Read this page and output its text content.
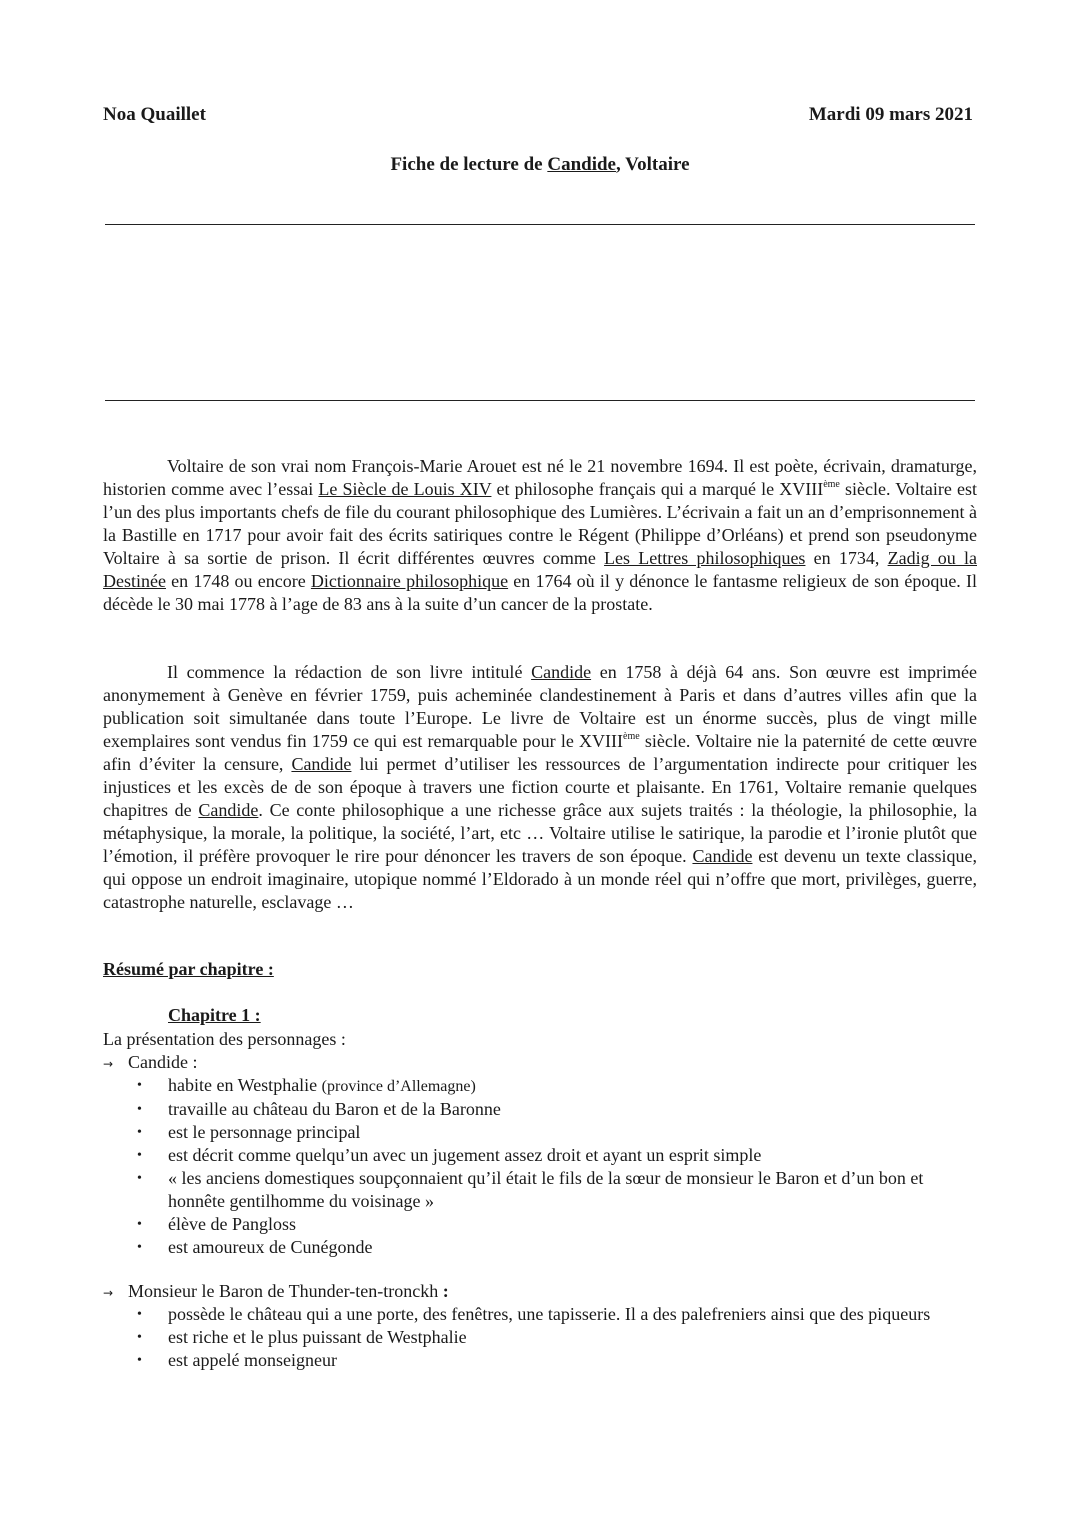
Noa Quaillet	Mardi 09 mars 2021
Fiche de lecture de Candide, Voltaire

Voltaire de son vrai nom François-Marie Arouet est né le 21 novembre 1694. Il est poète, écrivain, dramaturge, historien comme avec l’essai Le Siècle de Louis XIV et philosophe français qui a marqué le XVIIIème siècle. Voltaire est l’un des plus importants chefs de file du courant philosophique des Lumières. L’écrivain a fait un an d’emprisonnement à la Bastille en 1717 pour avoir fait des écrits satiriques contre le Régent (Philippe d’Orléans) et prend son pseudonyme Voltaire à sa sortie de prison. Il écrit différentes œuvres comme Les Lettres philosophiques en 1734, Zadig ou la Destinée en 1748 ou encore Dictionnaire philosophique en 1764 où il y dénonce le fantasme religieux de son époque. Il décède le 30 mai 1778 à l’age de 83 ans à la suite d’un cancer de la prostate.

Il commence la rédaction de son livre intitulé Candide en 1758 à déjà 64 ans. Son œuvre est imprimée anonymement à Genève en février 1759, puis acheminée clandestinement à Paris et dans d’autres villes afin que la publication soit simultanée dans toute l’Europe. Le livre de Voltaire est un énorme succès, plus de vingt mille exemplaires sont vendus fin 1759 ce qui est remarquable pour le XVIIIème siècle. Voltaire nie la paternité de cette œuvre afin d’éviter la censure, Candide lui permet d’utiliser les ressources de l’argumentation indirecte pour critiquer les injustices et les excès de de son époque à travers une fiction courte et plaisante. En 1761, Voltaire remanie quelques chapitres de Candide. Ce conte philosophique a une richesse grâce aux sujets traités : la théologie, la philosophie, la métaphysique, la morale, la politique, la société, l’art, etc … Voltaire utilise le satirique, la parodie et l’ironie plutôt que l’émotion, il préfère provoquer le rire pour dénoncer les travers de son époque. Candide est devenu un texte classique, qui oppose un endroit imaginaire, utopique nommé l’Eldorado à un monde réel qui n’offre que mort, privilèges, guerre, catastrophe naturelle, esclavage …

Résumé par chapitre :
Chapitre 1 :
La présentation des personnages :
→ Candide :
• habite en Westphalie (province d’Allemagne)
• travaille au château du Baron et de la Baronne
• est le personnage principal
• est décrit comme quelqu’un avec un jugement assez droit et ayant un esprit simple
• « les anciens domestiques soupçonnaient qu’il était le fils de la sœur de monsieur le Baron et d’un bon et honnête gentilhomme du voisinage »
• élève de Pangloss
• est amoureux de Cunégonde
→ Monsieur le Baron de Thunder-ten-tronckh :
• possède le château qui a une porte, des fenêtres, une tapisserie. Il a des palefreniers ainsi que des piqueurs
• est riche et le plus puissant de Westphalie
• est appelé monseigneur
